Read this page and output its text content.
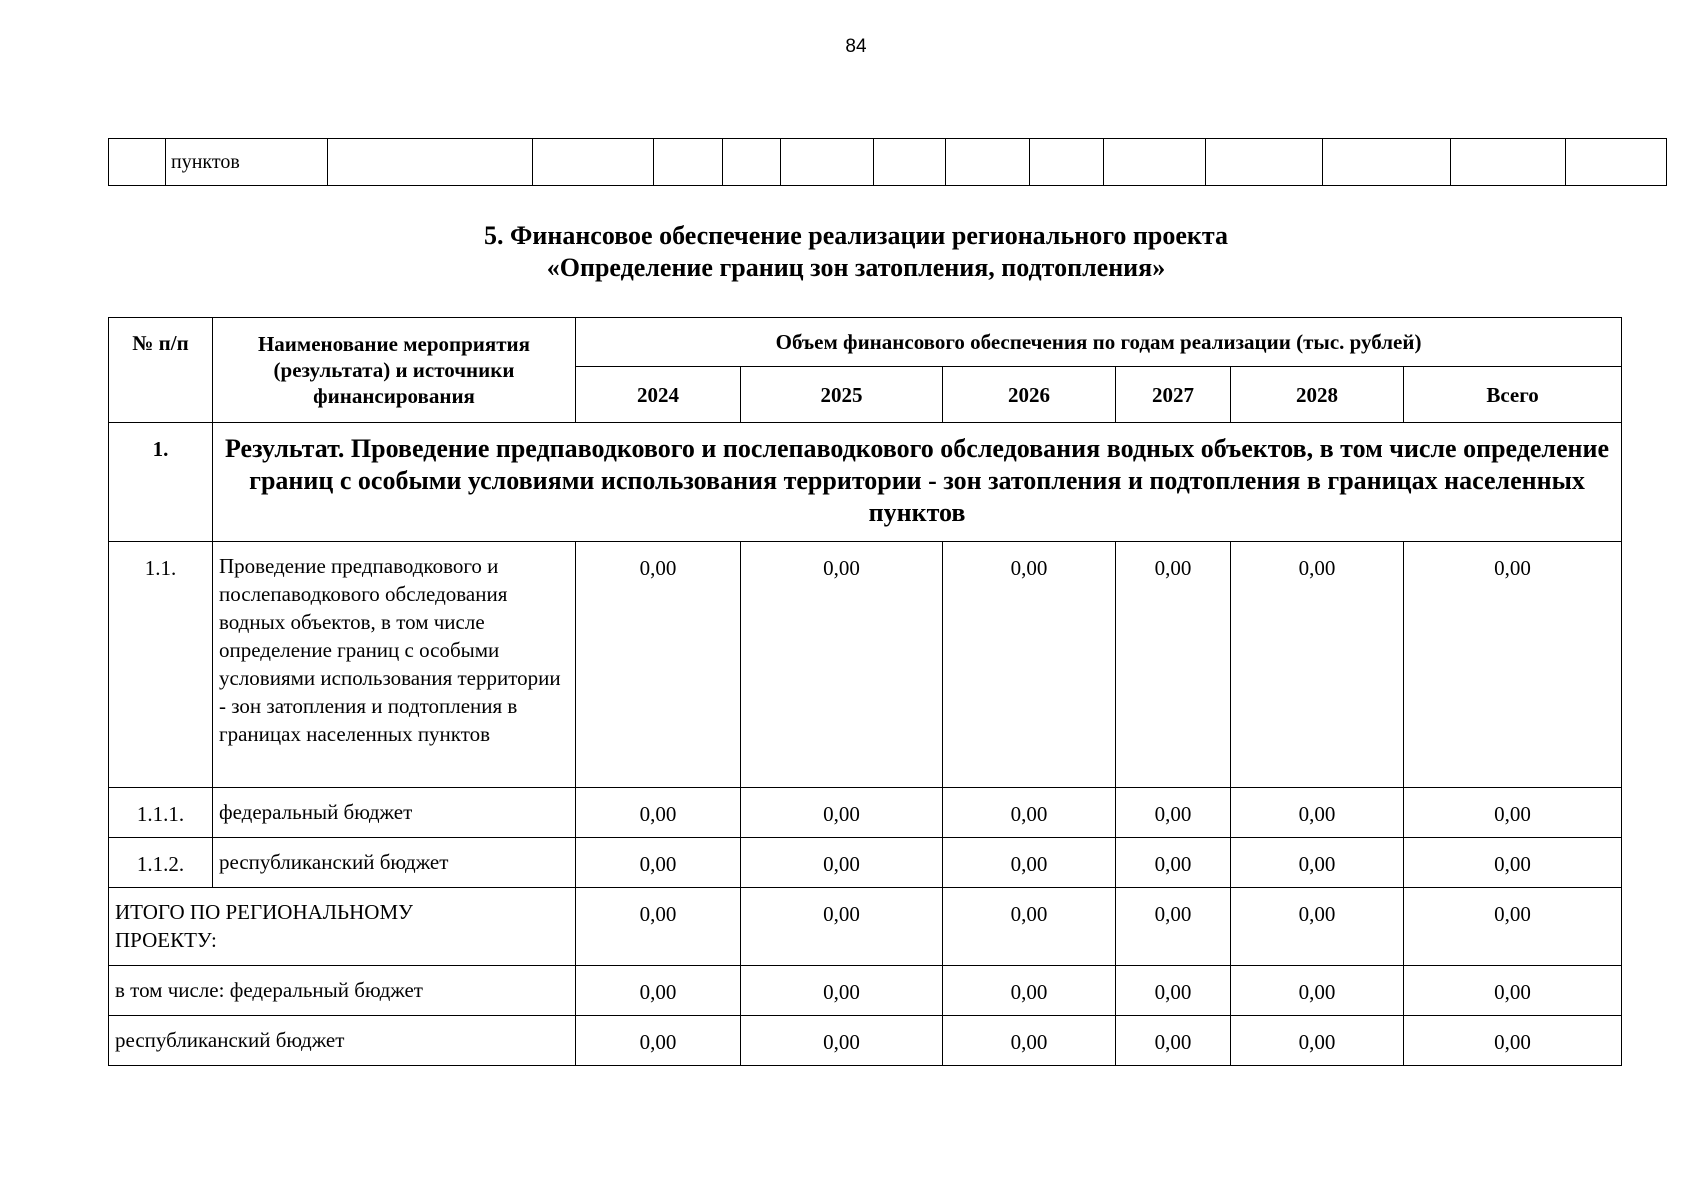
84
	пунктов													
5. Финансовое обеспечение реализации регионального проекта
«Определение границ зон затопления, подтопления»
№ п/п	Наименование мероприятия (результата) и источники финансирования	Объем финансового обеспечения по годам реализации (тыс. рублей)					
		2024	2025	2026	2027	2028	Всего
1.	Результат. Проведение предпаводкового и послепаводкового обследования водных объектов, в том числе определение границ с особыми условиями использования территории - зон затопления и подтопления в границах населенных пунктов						
1.1.	Проведение предпаводкового и послепаводкового обследования водных объектов, в том числе определение границ с особыми условиями использования территории - зон затопления и подтопления в границах населенных пунктов	0,00	0,00	0,00	0,00	0,00	0,00
1.1.1.	федеральный бюджет	0,00	0,00	0,00	0,00	0,00	0,00
1.1.2.	республиканский бюджет	0,00	0,00	0,00	0,00	0,00	0,00
ИТОГО ПО РЕГИОНАЛЬНОМУ ПРОЕКТУ:		0,00	0,00	0,00	0,00	0,00	0,00
в том числе: федеральный бюджет		0,00	0,00	0,00	0,00	0,00	0,00
республиканский бюджет		0,00	0,00	0,00	0,00	0,00	0,00
